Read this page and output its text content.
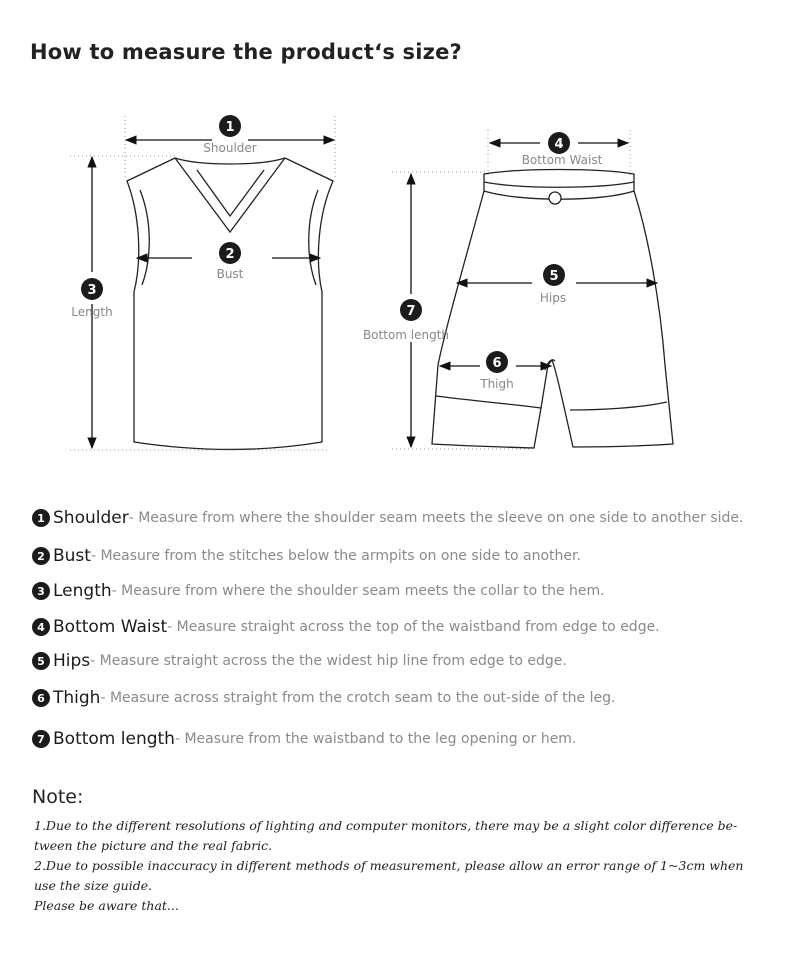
How to measure the product‘s size?
1
Shoulder
2
Bust
3
Length
4
Bottom Waist
5
Hips
6
Thigh
7
Bottom length
1 Shoulder - Measure from where the shoulder seam meets the sleeve on one side to another side.
2 Bust - Measure from the stitches below the armpits on one side to another.
3 Length - Measure from where the shoulder seam meets the collar to the hem.
4 Bottom Waist - Measure straight across the top of the waistband from edge to edge.
5 Hips - Measure straight across the the widest hip line from edge to edge.
6 Thigh - Measure across straight from the crotch seam to the out-side of the leg.
7 Bottom length - Measure from the waistband to the leg opening or hem.
Note:

1.Due to the different resolutions of lighting and computer monitors, there may be a slight color difference be-

tween the picture and the real fabric.

2.Due to possible inaccuracy in different methods of measurement, please allow an error range of 1~3cm when

use the size guide.

Please be aware that...
